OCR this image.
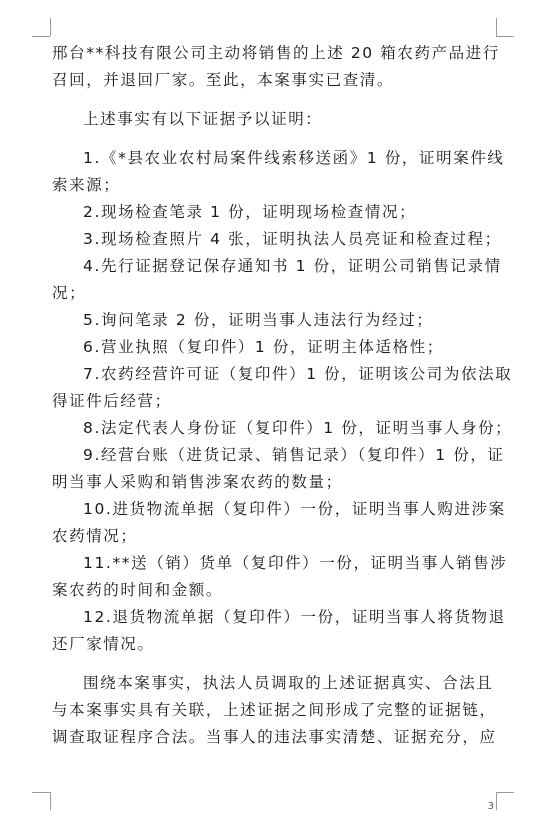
邢台**科技有限公司主动将销售的上述 20 箱农药产品进行

召回，并退回厂家。至此，本案事实已查清。

上述事实有以下证据予以证明：

1.《*县农业农村局案件线索移送函》1 份，证明案件线

索来源；

2.现场检查笔录 1 份，证明现场检查情况；

3.现场检查照片 4 张，证明执法人员亮证和检查过程；

4.先行证据登记保存通知书 1 份，证明公司销售记录情

况；

5.询问笔录 2 份，证明当事人违法行为经过；

6.营业执照（复印件）1 份，证明主体适格性；

7.农药经营许可证（复印件）1 份，证明该公司为依法取

得证件后经营；

8.法定代表人身份证（复印件）1 份，证明当事人身份；

9.经营台账（进货记录、销售记录）（复印件）1 份，证

明当事人采购和销售涉案农药的数量；

10.进货物流单据（复印件）一份，证明当事人购进涉案

农药情况；

11.**送（销）货单（复印件）一份，证明当事人销售涉

案农药的时间和金额。

12.退货物流单据（复印件）一份，证明当事人将货物退

还厂家情况。

围绕本案事实，执法人员调取的上述证据真实、合法且

与本案事实具有关联，上述证据之间形成了完整的证据链，

调查取证程序合法。当事人的违法事实清楚、证据充分，应

3
